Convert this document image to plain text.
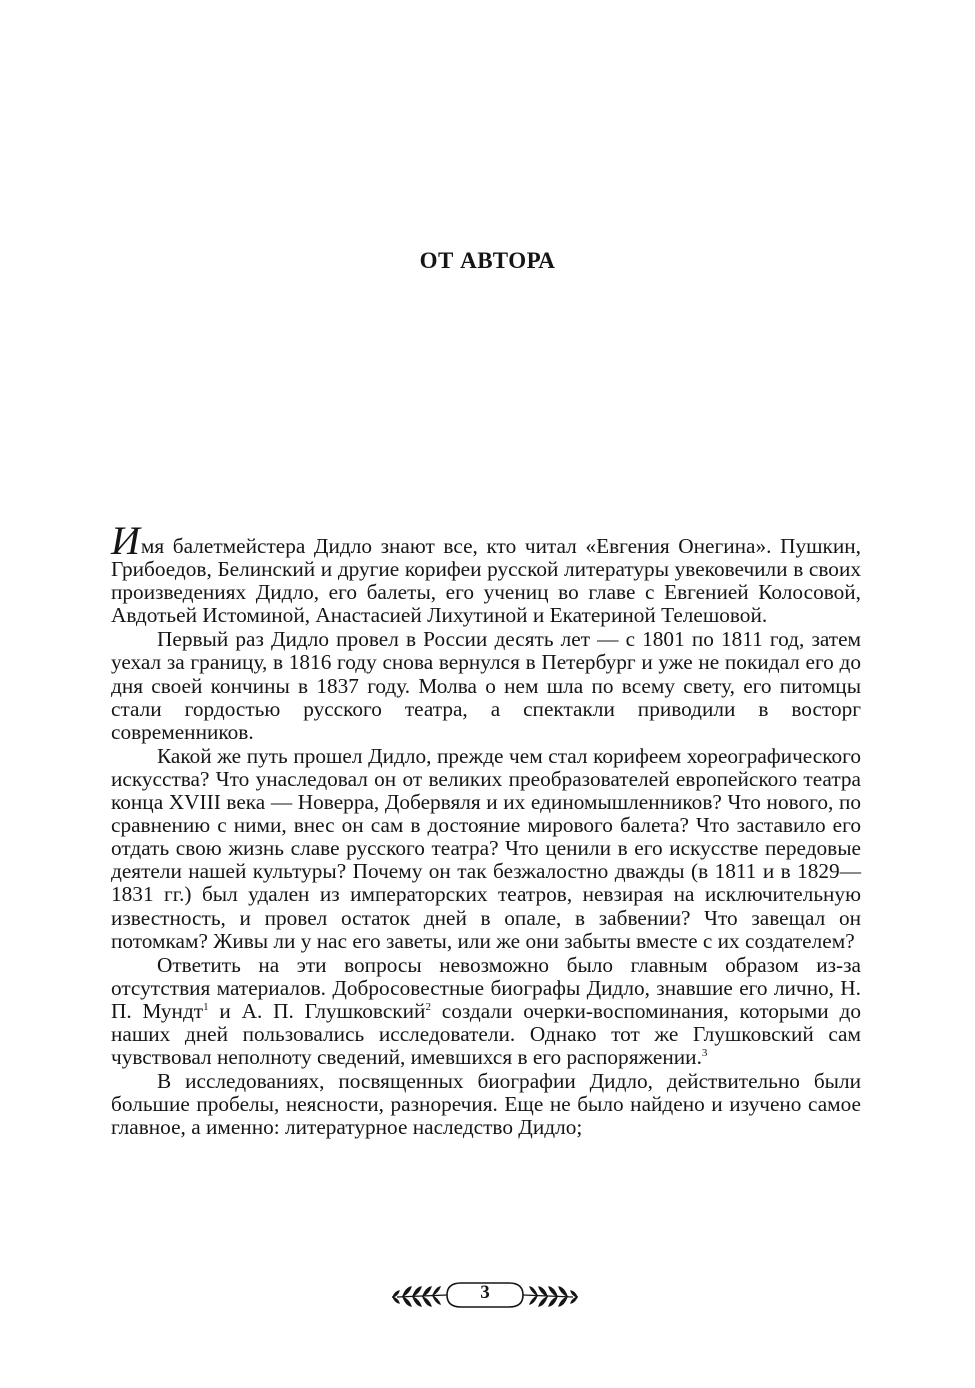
ОТ АВТОРА

Имя балетмейстера Дидло знают все, кто читал «Евгения Онегина». Пушкин, Грибоедов, Белинский и другие корифеи русской литературы увековечили в своих произведениях Дидло, его балеты, его учениц во главе с Евгенией Колосовой, Авдотьей Истоминой, Анастасией Лихутиной и Екатериной Телешовой.

Первый раз Дидло провел в России десять лет — с 1801 по 1811 год, затем уехал за границу, в 1816 году снова вернулся в Петербург и уже не покидал его до дня своей кончины в 1837 году. Молва о нем шла по всему свету, его питомцы стали гордостью русского театра, а спектакли приводили в восторг современников.

Какой же путь прошел Дидло, прежде чем стал корифеем хореографического искусства? Что унаследовал он от великих преобразователей европейского театра конца XVIII века — Новерра, Добервяля и их единомышленников? Что нового, по сравнению с ними, внес он сам в достояние мирового балета? Что заставило его отдать свою жизнь славе русского театра? Что ценили в его искусстве передовые деятели нашей культуры? Почему он так безжалостно дважды (в 1811 и в 1829—1831 гг.) был удален из императорских театров, невзирая на исключительную известность, и провел остаток дней в опале, в забвении? Что завещал он потомкам? Живы ли у нас его заветы, или же они забыты вместе с их создателем?

Ответить на эти вопросы невозможно было главным образом из-за отсутствия материалов. Добросовестные биографы Дидло, знавшие его лично, Н. П. Мундт$^1$ и А. П. Глушковский$^2$ создали очерки-воспоминания, которыми до наших дней пользовались исследователи. Однако тот же Глушковский сам чувствовал неполноту сведений, имевшихся в его распоряжении.$^3$

В исследованиях, посвященных биографии Дидло, действительно были большие пробелы, неясности, разноречия. Еще не было найдено и изучено самое главное, а именно: литературное наследство Дидло;

3
